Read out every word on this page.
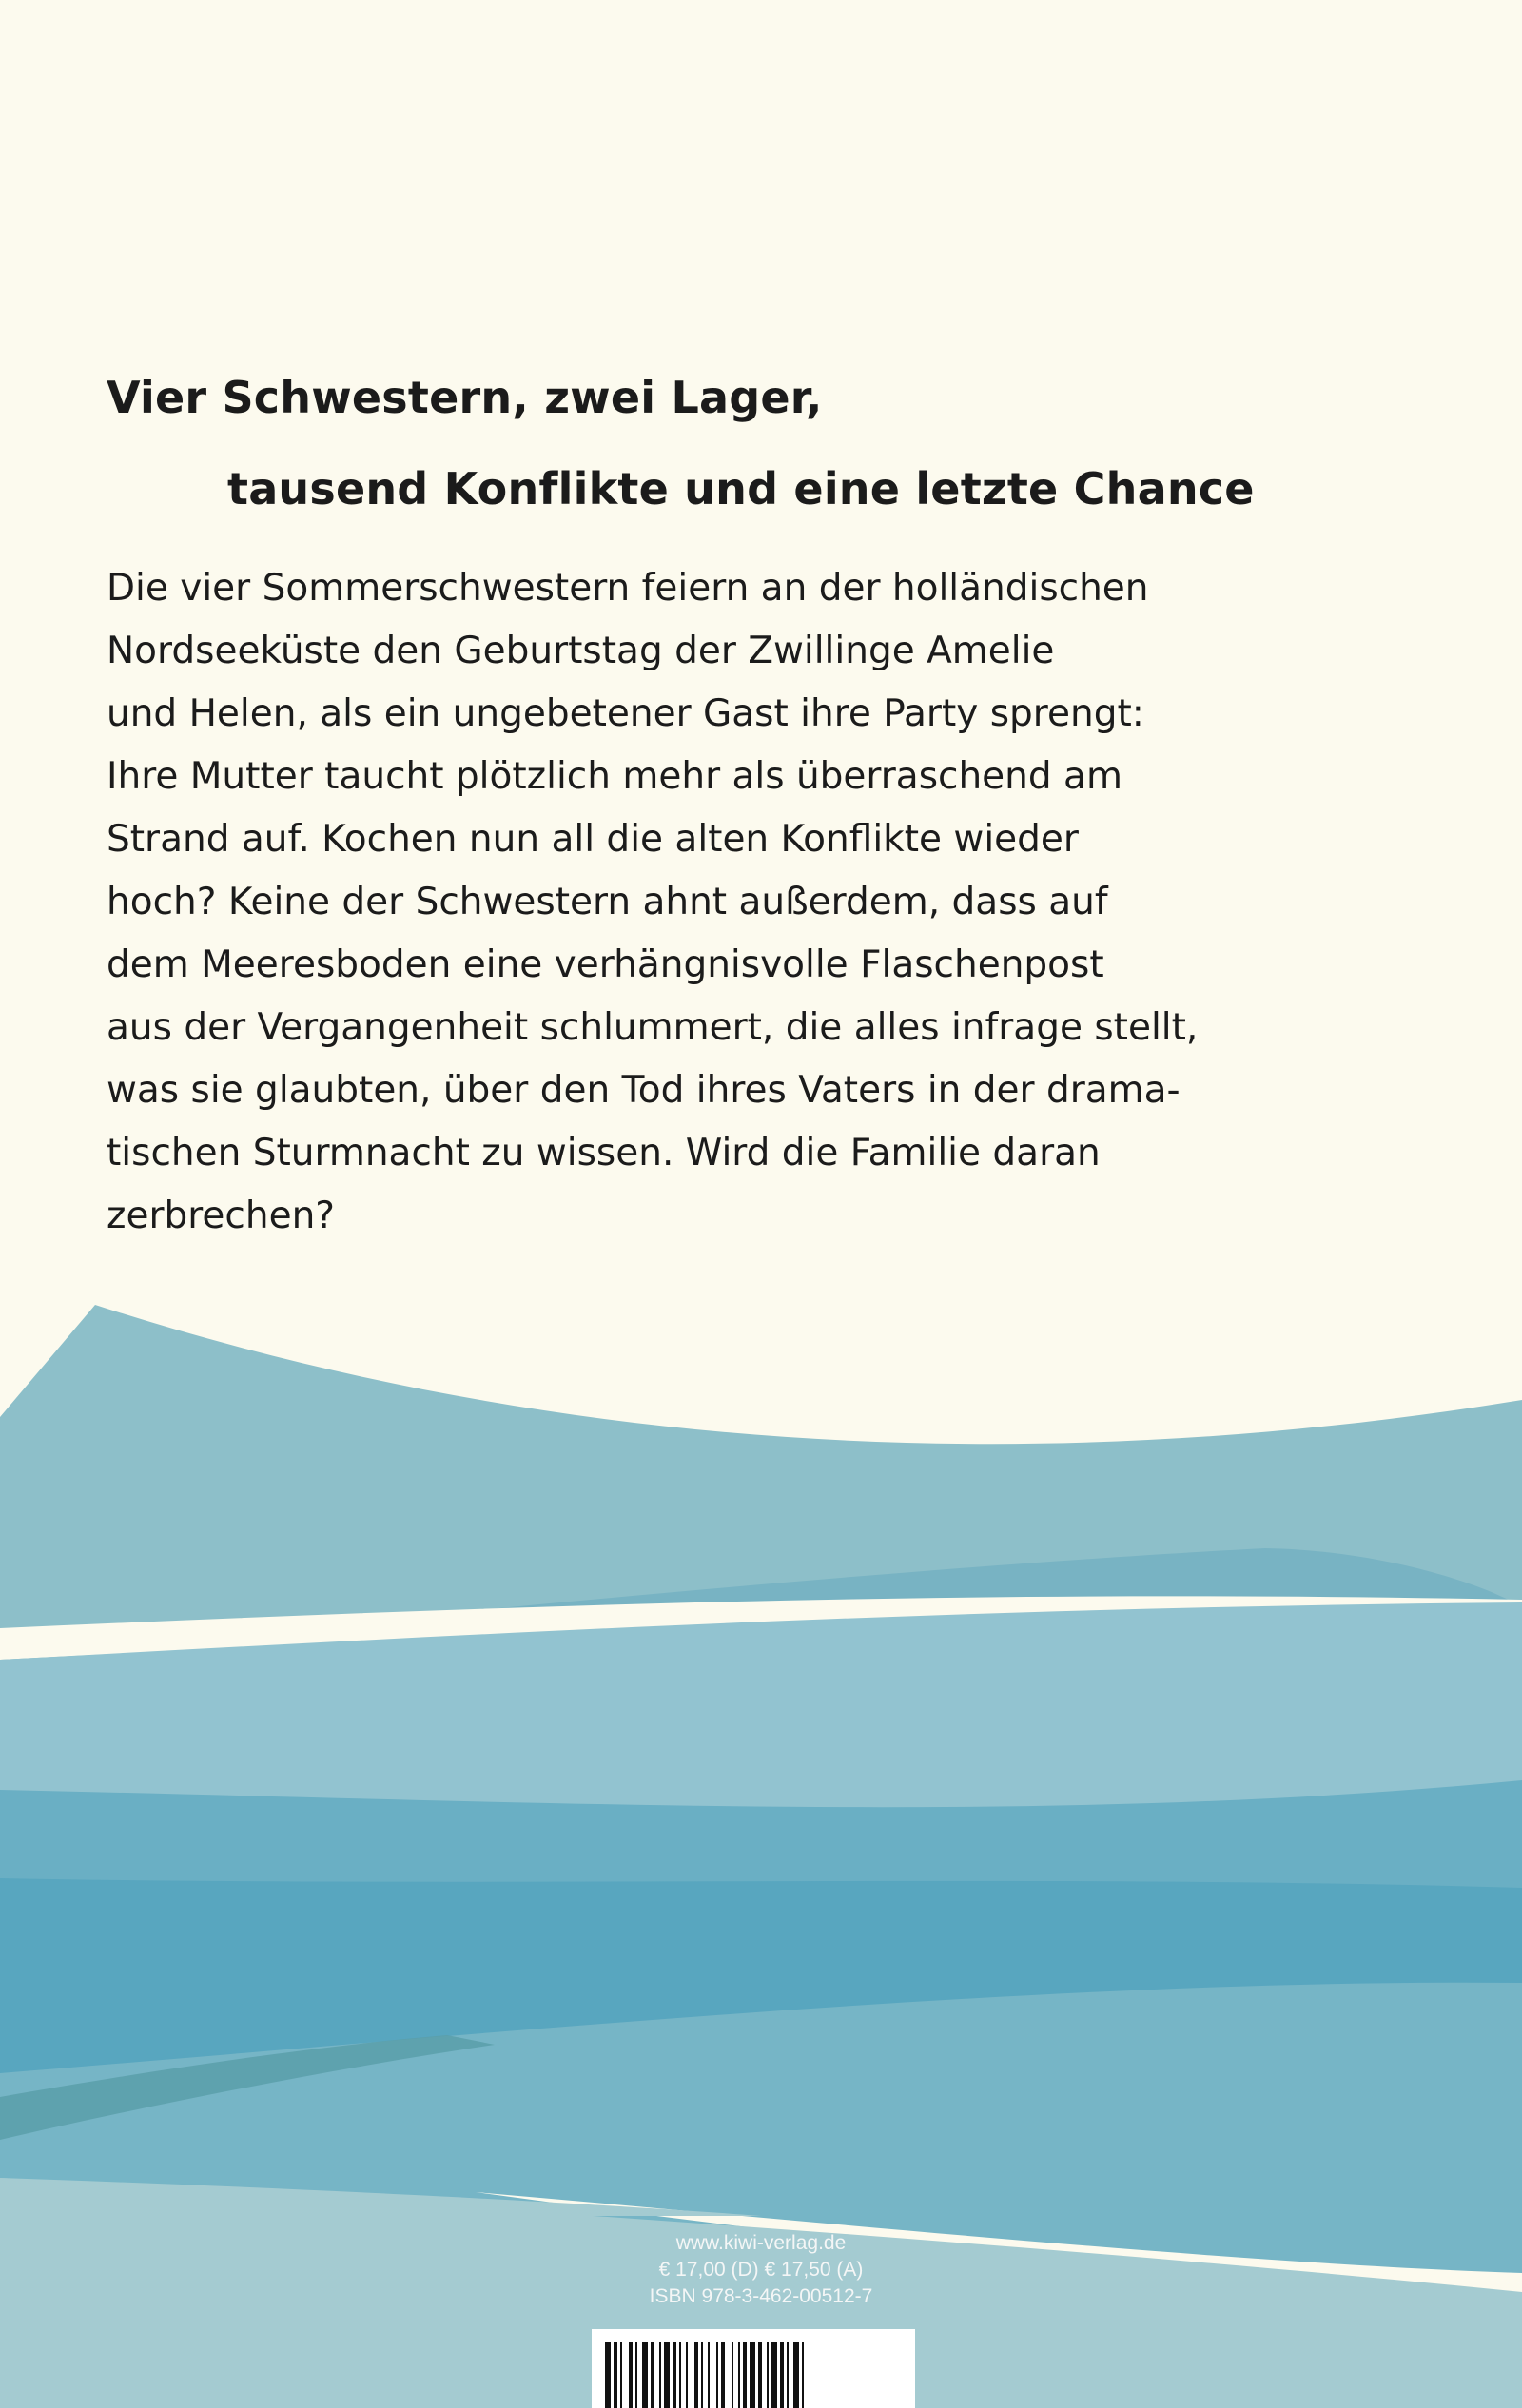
Vier Schwestern, zwei Lager,

tausend Konflikte und eine letzte Chance

Die vier Sommerschwestern feiern an der holländischen

Nordseeküste den Geburtstag der Zwillinge Amelie

und Helen, als ein ungebetener Gast ihre Party sprengt:

Ihre Mutter taucht plötzlich mehr als überraschend am

Strand auf. Kochen nun all die alten Konflikte wieder

hoch? Keine der Schwestern ahnt außerdem, dass auf

dem Meeresboden eine verhängnisvolle Flaschenpost

aus der Vergangenheit schlummert, die alles infrage stellt,

was sie glaubten, über den Tod ihres Vaters in der drama-

tischen Sturmnacht zu wissen. Wird die Familie daran

zerbrechen?

www.kiwi-verlag.de
€ 17,00 (D) € 17,50 (A)
ISBN 978-3-462-00512-7
